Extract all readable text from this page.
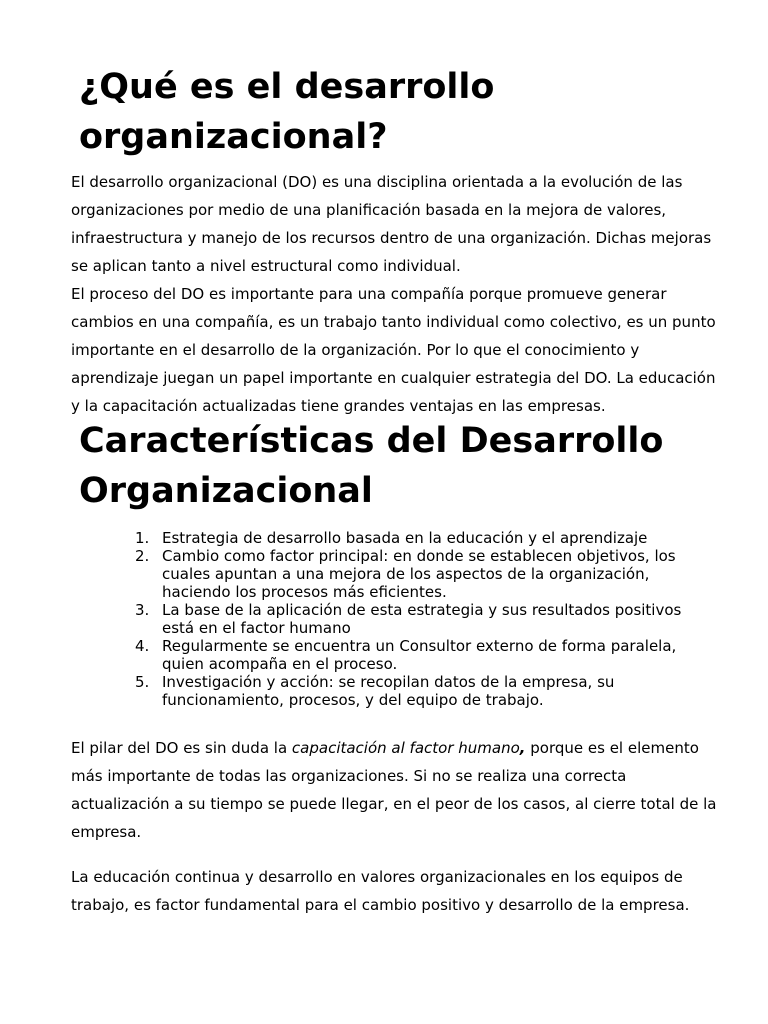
¿Qué es el desarrollo
organizacional?

El desarrollo organizacional (DO) es una disciplina orientada a la evolución de las organizaciones por medio de una planificación basada en la mejora de valores, infraestructura y manejo de los recursos dentro de una organización. Dichas mejoras se aplican tanto a nivel estructural como individual.

El proceso del DO es importante para una compañía porque promueve generar cambios en una compañía, es un trabajo tanto individual como colectivo, es un punto importante en el desarrollo de la organización. Por lo que el conocimiento y aprendizaje juegan un papel importante en cualquier estrategia del DO. La educación y la capacitación actualizadas tiene grandes ventajas en las empresas.

Características del Desarrollo
Organizacional
1. Estrategia de desarrollo basada en la educación y el aprendizaje
2. Cambio como factor principal: en donde se establecen objetivos, los cuales apuntan a una mejora de los aspectos de la organización, haciendo los procesos más eficientes.
3. La base de la aplicación de esta estrategia y sus resultados positivos está en el factor humano
4. Regularmente se encuentra un Consultor externo de forma paralela, quien acompaña en el proceso.
5. Investigación y acción: se recopilan datos de la empresa, su funcionamiento, procesos, y del equipo de trabajo.

El pilar del DO es sin duda la capacitación al factor humano, porque es el elemento más importante de todas las organizaciones. Si no se realiza una correcta actualización a su tiempo se puede llegar, en el peor de los casos, al cierre total de la empresa.

La educación continua y desarrollo en valores organizacionales en los equipos de trabajo, es factor fundamental para el cambio positivo y desarrollo de la empresa.
